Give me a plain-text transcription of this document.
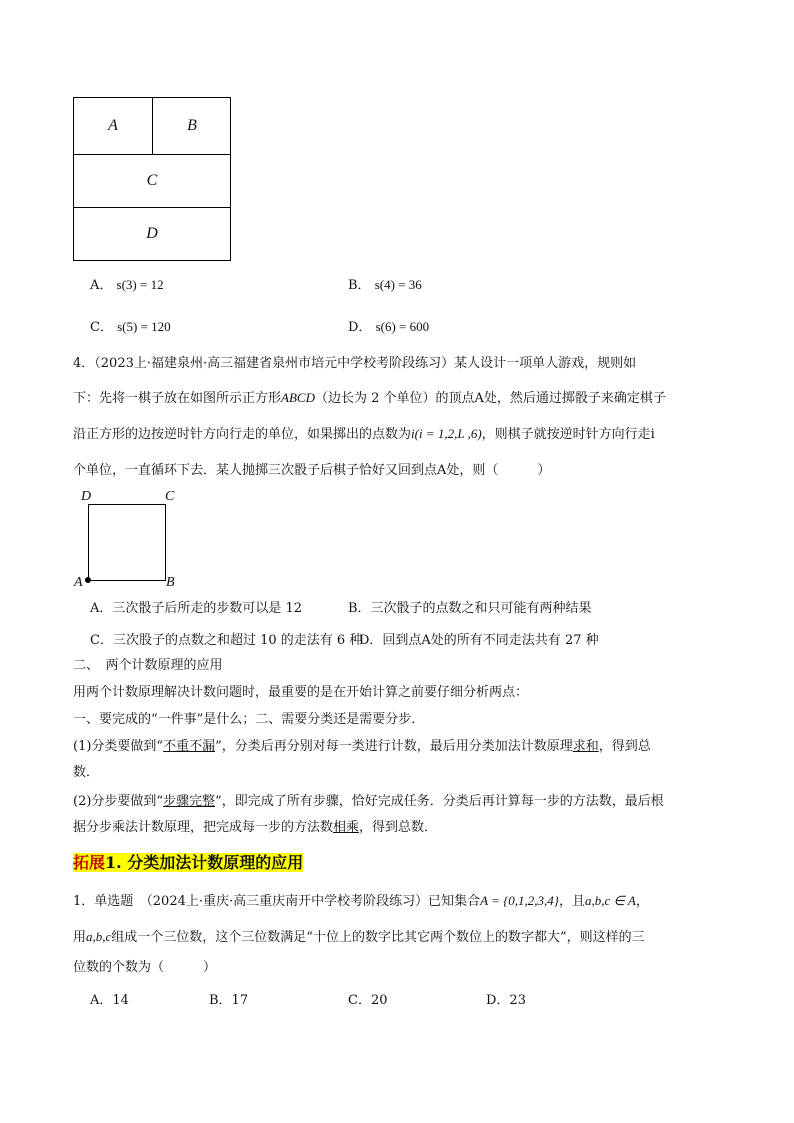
A	B
C
D
A． s(3) = 12	B． s(4) = 36
C． s(5) = 120	D． s(6) = 600
4．（2023上·福建泉州·高三福建省泉州市培元中学校考阶段练习）某人设计一项单人游戏，规则如
下：先将一棋子放在如图所示正方形ABCD（边长为 2 个单位）的顶点A处，然后通过掷骰子来确定棋子
沿正方形的边按逆时针方向行走的单位，如果掷出的点数为i(i = 1,2,L ,6)，则棋子就按逆时针方向行走i
个单位，一直循环下去．某人抛掷三次骰子后棋子恰好又回到点A处，则（　　　）
D	C
A	B
A．三次骰子后所走的步数可以是 12	B．三次骰子的点数之和只可能有两种结果
C．三次股子的点数之和超过 10 的走法有 6 种
D．回到点A处的所有不同走法共有 27 种
二、　两个计数原理的应用
用两个计数原理解决计数问题时，最重要的是在开始计算之前要仔细分析两点：
一、要完成的“一件事”是什么；二、需要分类还是需要分步．
(1)分类要做到“不重不漏”，分类后再分别对每一类进行计数，最后用分类加法计数原理求和，得到总
数．
(2)分步要做到“步骤完整”，即完成了所有步骤，恰好完成任务．分类后再计算每一步的方法数，最后根
据分步乘法计数原理，把完成每一步的方法数相乘，得到总数．
拓展1. 分类加法计数原理的应用
1．单选题　（2024上·重庆·高三重庆南开中学校考阶段练习）已知集合A = {0,1,2,3,4}，且a,b,c ∈ A，
用a,b,c组成一个三位数，这个三位数满足“十位上的数字比其它两个数位上的数字都大”，则这样的三
位数的个数为（　　　）
A．14	B．17	C．20	D．23
